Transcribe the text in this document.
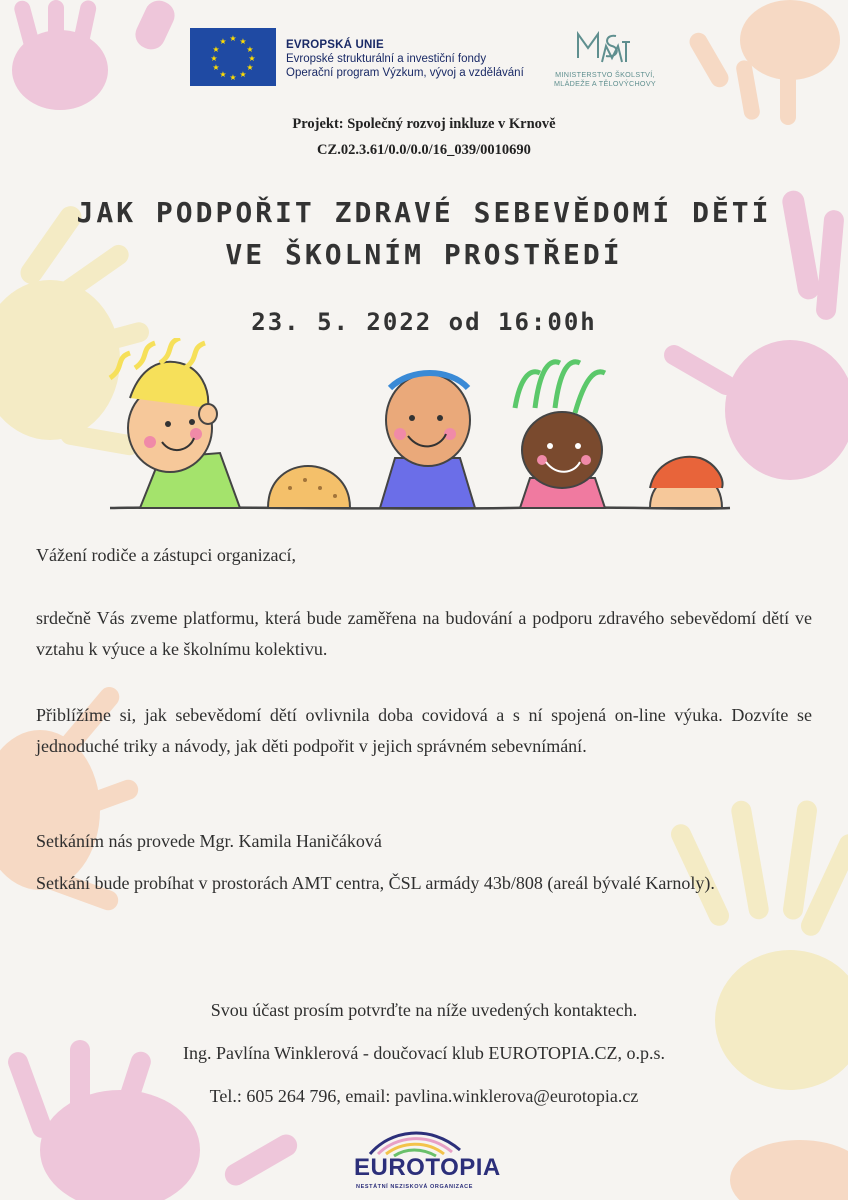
★ ★
★
★
★
★
★
★
★
★
★
★	EVROPSKÁ UNIE
Evropské strukturální a investiční fondy
Operační program Výzkum, vývoj a vzdělávání	MINISTERSTVO ŠKOLSTVÍ,
MLÁDEŽE A TĚLOVÝCHOVY
Projekt: Společný rozvoj inkluze v Krnově
CZ.02.3.61/0.0/0.0/16_039/0010690
JAK PODPOŘIT ZDRAVÉ SEBEVĚDOMÍ DĚTÍ
VE ŠKOLNÍM PROSTŘEDÍ
23. 5. 2022 od 16:00h
Vážení rodiče a zástupci organizací,
srdečně Vás zveme platformu, která bude zaměřena na budování a podporu zdravého sebevědomí dětí ve vztahu k výuce a ke školnímu kolektivu.
Přiblížíme si, jak sebevědomí dětí ovlivnila doba covidová a s ní spojená on-line výuka. Dozvíte se jednoduché triky a návody, jak děti podpořit v jejich správném sebevnímání.
Setkáním nás provede Mgr. Kamila Haničáková
Setkání bude probíhat v prostorách AMT centra, ČSL armády 43b/808 (areál bývalé Karnoly).
Svou účast prosím potvrďte na níže uvedených kontaktech.
Ing. Pavlína Winklerová - doučovací klub EUROTOPIA.CZ, o.p.s.
Tel.: 605 264 796, email: pavlina.winklerova@eurotopia.cz
EUROTOPIA
NESTÁTNÍ NEZISKOVÁ ORGANIZACE
